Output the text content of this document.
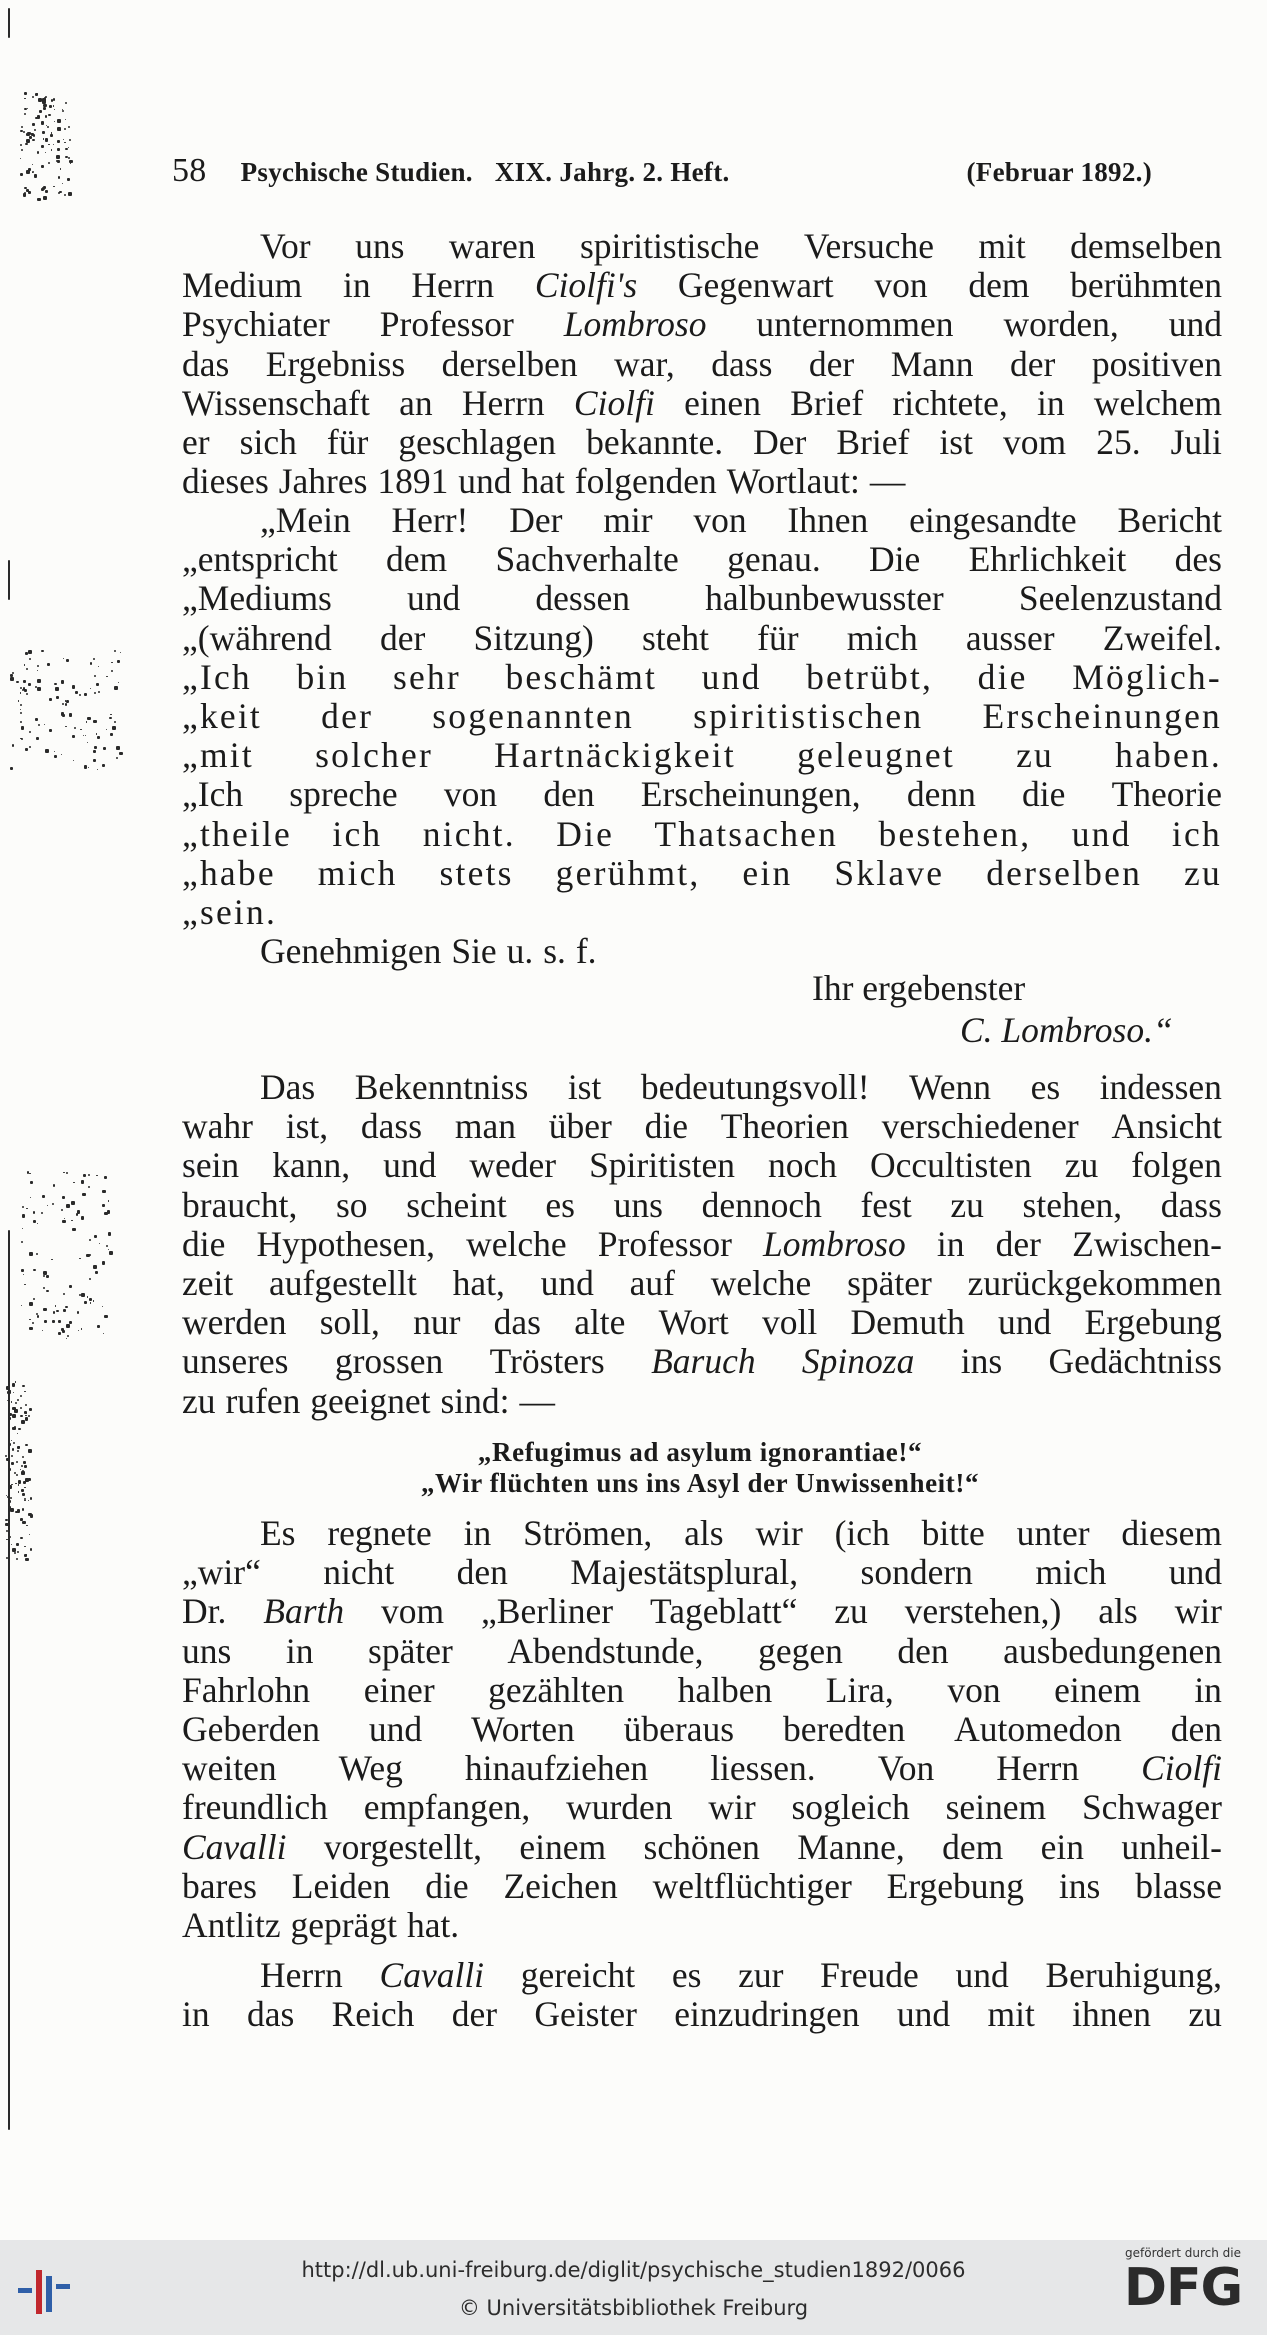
58 Psychische Studien. XIX. Jahrg. 2. Heft.	(Februar 1892.)
Vor uns waren spiritistische Versuche mit demselben
Medium in Herrn Ciolfi's Gegenwart von dem berühmten
Psychiater Professor Lombroso unternommen worden, und
das Ergebniss derselben war, dass der Mann der positiven
Wissenschaft an Herrn Ciolfi einen Brief richtete, in welchem
er sich für geschlagen bekannte. Der Brief ist vom 25. Juli
dieses Jahres 1891 und hat folgenden Wortlaut: —
„Mein Herr! Der mir von Ihnen eingesandte Bericht
„entspricht dem Sachverhalte genau. Die Ehrlichkeit des
„Mediums und dessen halbunbewusster Seelenzustand
„(während der Sitzung) steht für mich ausser Zweifel.
„Ich bin sehr beschämt und betrübt, die Möglich-
„keit der sogenannten spiritistischen Erscheinungen
„mit solcher Hartnäckigkeit geleugnet zu haben.
„Ich spreche von den Erscheinungen, denn die Theorie
„theile ich nicht. Die Thatsachen bestehen, und ich
„habe mich stets gerühmt, ein Sklave derselben zu
„sein.
Genehmigen Sie u. s. f.
Ihr ergebenster
C. Lombroso.“
Das Bekenntniss ist bedeutungsvoll! Wenn es indessen
wahr ist, dass man über die Theorien verschiedener Ansicht
sein kann, und weder Spiritisten noch Occultisten zu folgen
braucht, so scheint es uns dennoch fest zu stehen, dass
die Hypothesen, welche Professor Lombroso in der Zwischen-
zeit aufgestellt hat, und auf welche später zurückgekommen
werden soll, nur das alte Wort voll Demuth und Ergebung
unseres grossen Trösters Baruch Spinoza ins Gedächtniss
zu rufen geeignet sind: —
„Refugimus ad asylum ignorantiae!“
„Wir flüchten uns ins Asyl der Unwissenheit!“
Es regnete in Strömen, als wir (ich bitte unter diesem
„wir“ nicht den Majestätsplural, sondern mich und
Dr. Barth vom „Berliner Tageblatt“ zu verstehen,) als wir
uns in später Abendstunde, gegen den ausbedungenen
Fahrlohn einer gezählten halben Lira, von einem in
Geberden und Worten überaus beredten Automedon den
weiten Weg hinaufziehen liessen. Von Herrn Ciolfi
freundlich empfangen, wurden wir sogleich seinem Schwager
Cavalli vorgestellt, einem schönen Manne, dem ein unheil-
bares Leiden die Zeichen weltflüchtiger Ergebung ins blasse
Antlitz geprägt hat.
Herrn Cavalli gereicht es zur Freude und Beruhigung,
in das Reich der Geister einzudringen und mit ihnen zu
http://dl.ub.uni-freiburg.de/diglit/psychische_studien1892/0066
© Universitätsbibliothek Freiburg
gefördert durch die
DFG
